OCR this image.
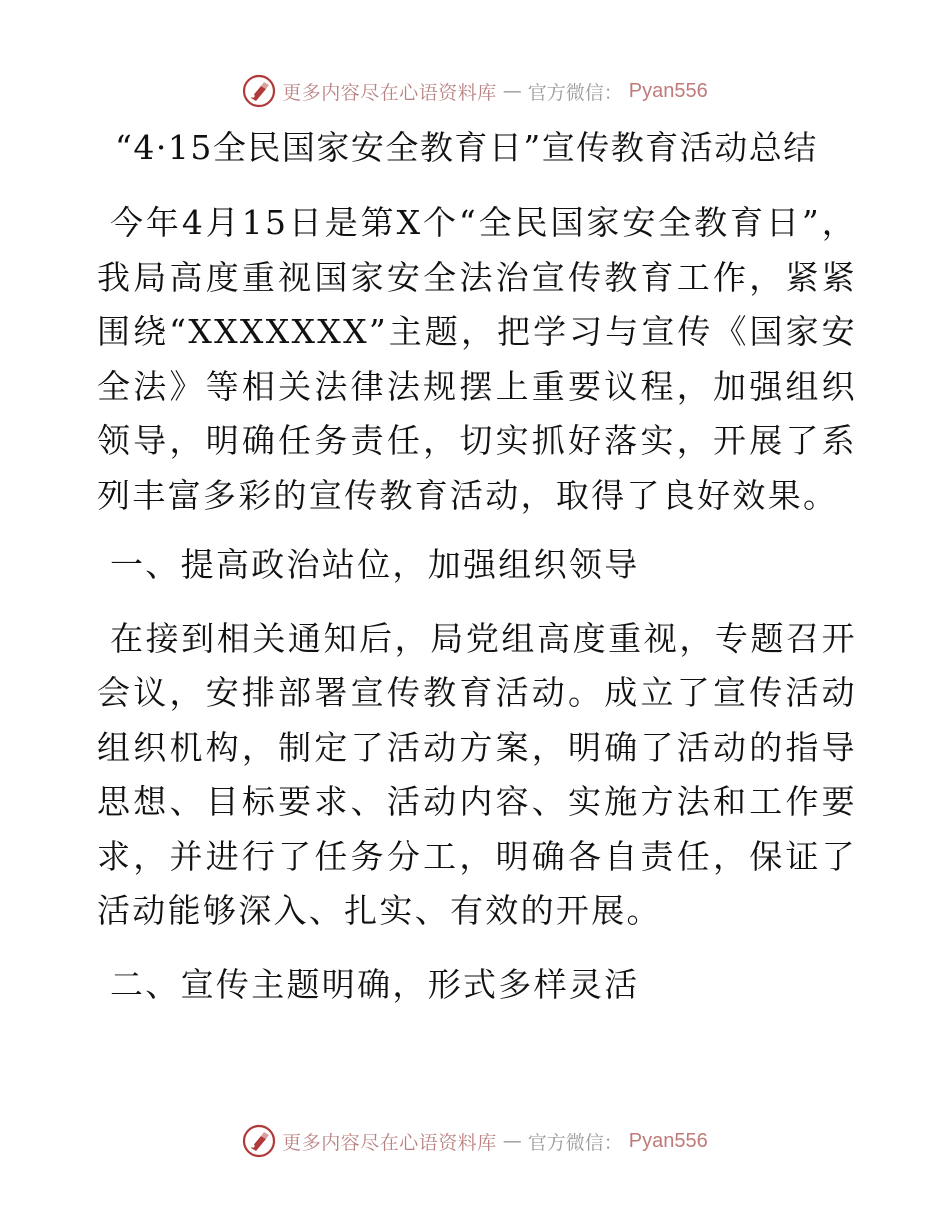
更多内容尽在心语资料库 — 官方微信： Pyan556
“4·15全民国家安全教育日”宣传教育活动总结

今年4月15日是第X个“全民国家安全教育日”，我局高度重视国家安全法治宣传教育工作，紧紧围绕“XXXXXXX”主题，把学习与宣传《国家安全法》等相关法律法规摆上重要议程，加强组织领导，明确任务责任，切实抓好落实，开展了系列丰富多彩的宣传教育活动，取得了良好效果。

一、提高政治站位，加强组织领导

在接到相关通知后，局党组高度重视，专题召开会议，安排部署宣传教育活动。成立了宣传活动组织机构，制定了活动方案，明确了活动的指导思想、目标要求、活动内容、实施方法和工作要求，并进行了任务分工，明确各自责任，保证了活动能够深入、扎实、有效的开展。

二、宣传主题明确，形式多样灵活

更多内容尽在心语资料库 — 官方微信： Pyan556
